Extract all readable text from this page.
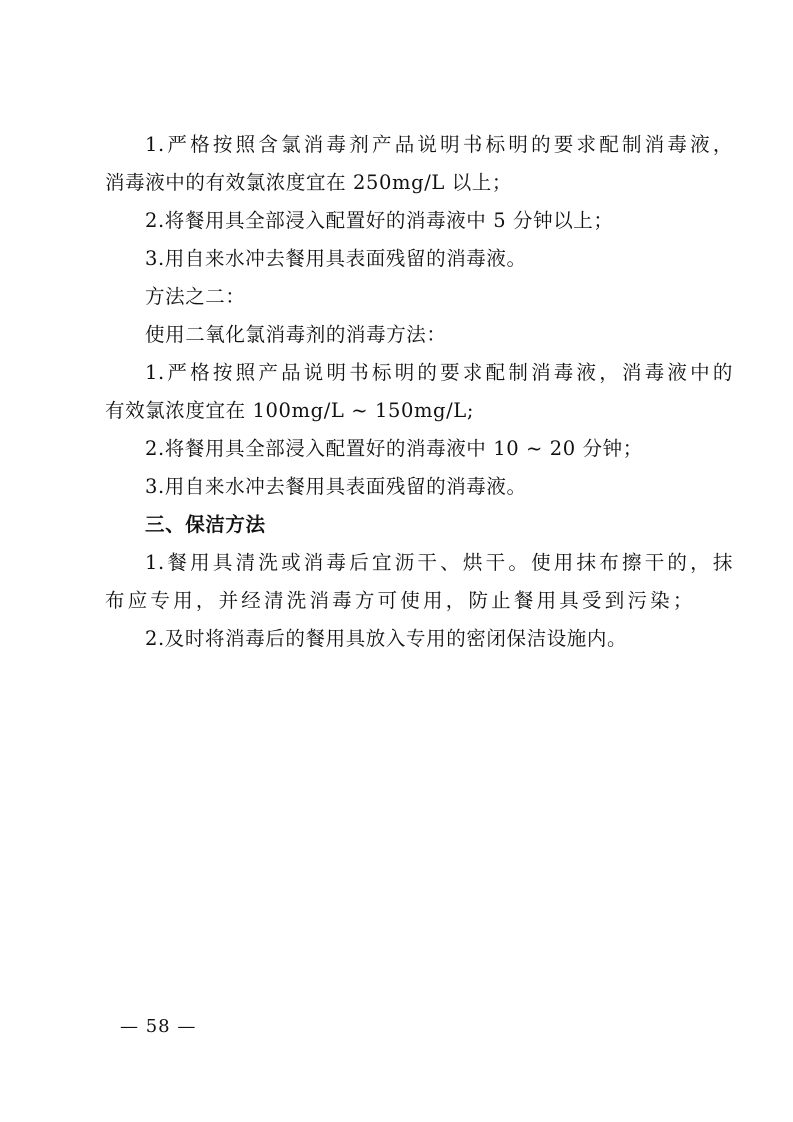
1.严格按照含氯消毒剂产品说明书标明的要求配制消毒液，
消毒液中的有效氯浓度宜在 250mg/L 以上；
2.将餐用具全部浸入配置好的消毒液中 5 分钟以上；
3.用自来水冲去餐用具表面残留的消毒液。
方法之二：
使用二氧化氯消毒剂的消毒方法：
1.严格按照产品说明书标明的要求配制消毒液，消毒液中的
有效氯浓度宜在 100mg/L ~ 150mg/L;
2.将餐用具全部浸入配置好的消毒液中 10 ~ 20 分钟；
3.用自来水冲去餐用具表面残留的消毒液。
三、保洁方法
1.餐用具清洗或消毒后宜沥干、烘干。使用抹布擦干的，抹
布应专用，并经清洗消毒方可使用，防止餐用具受到污染；
2.及时将消毒后的餐用具放入专用的密闭保洁设施内。
— 58 —
